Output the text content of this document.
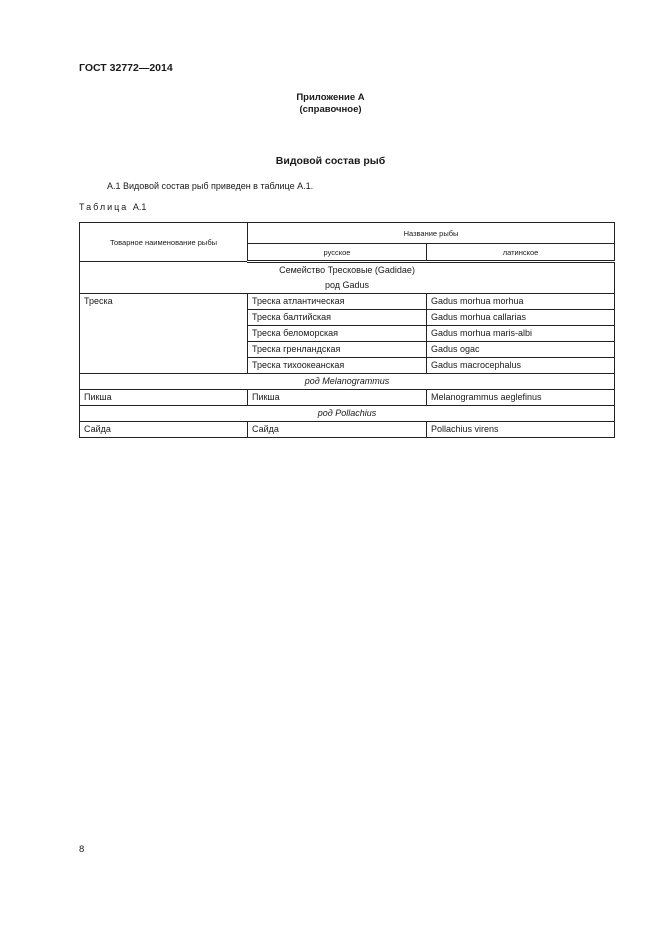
ГОСТ 32772—2014
Приложение А
(справочное)
Видовой состав рыб
А.1 Видовой состав рыб приведен в таблице А.1.
Таблица А.1
Товарное наименование рыбы	Название рыбы	
	русское	латинское

Семейство Тресковые (Gadidae)
род Gadus		

Треска	Треска атлантическая	Gadus morhua morhua
	Треска балтийская	Gadus morhua callarias
	Треска беломорская	Gadus morhua maris-albi
	Треска гренландская	Gadus ogac
	Треска тихоокеанская	Gadus macrocephalus
род Melanogrammus		
Пикша	Пикша	Melanogrammus aeglefinus
род Pollachius		
Сайда	Сайда	Pollachius virens
8
